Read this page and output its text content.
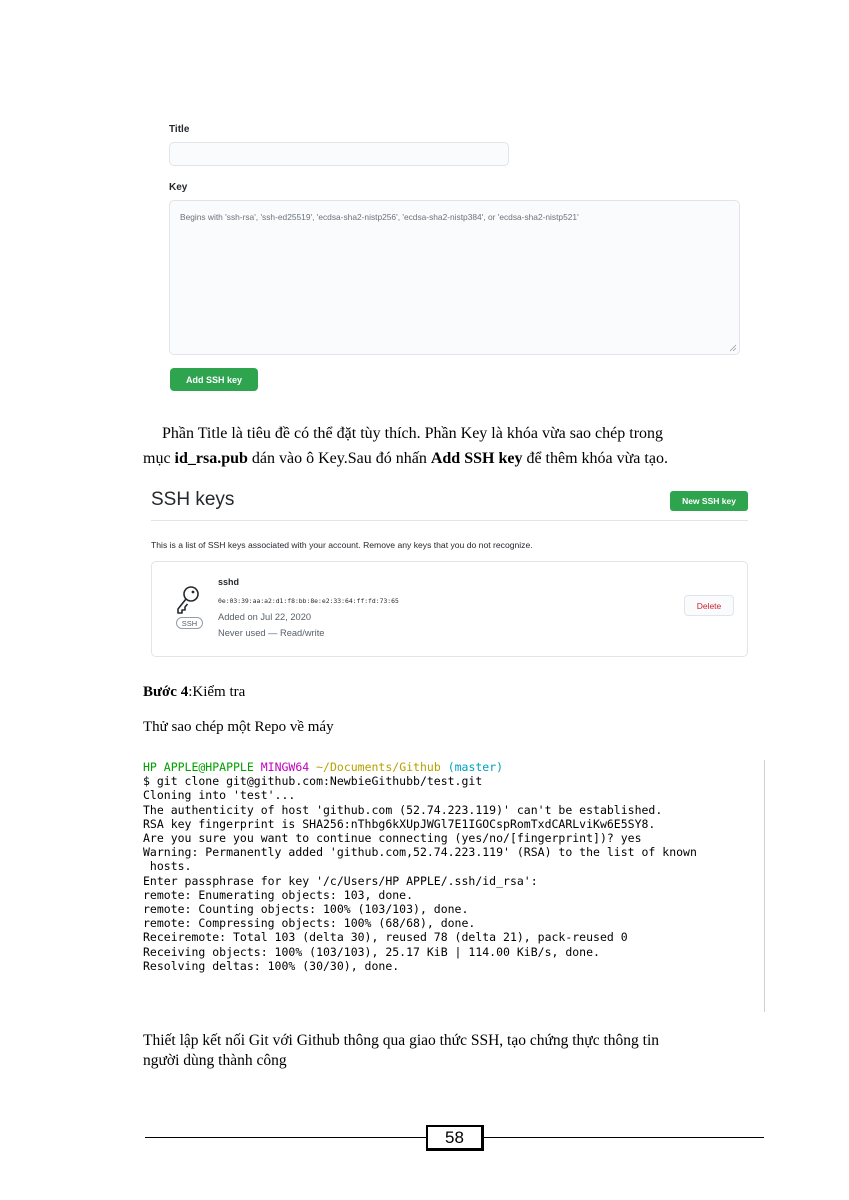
Title
Key
Begins with 'ssh-rsa', 'ssh-ed25519', 'ecdsa-sha2-nistp256', 'ecdsa-sha2-nistp384', or 'ecdsa-sha2-nistp521'
Add SSH key
Phần Title là tiêu đề có thể đặt tùy thích. Phần Key là khóa vừa sao chép trong
mục id_rsa.pub dán vào ô Key.Sau đó nhấn Add SSH key để thêm khóa vừa tạo.
SSH keys	New SSH key
This is a list of SSH keys associated with your account. Remove any keys that you do not recognize.
SSH
sshd
0e:03:39:aa:a2:d1:f8:bb:8e:e2:33:64:ff:fd:73:65
Added on Jul 22, 2020
Never used — Read/write
Delete
Bước 4:Kiểm tra
Thử sao chép một Repo về máy
HP APPLE@HPAPPLE MINGW64 ~/Documents/Github (master)
$ git clone git@github.com:NewbieGithubb/test.git
Cloning into 'test'...
The authenticity of host 'github.com (52.74.223.119)' can't be established.
RSA key fingerprint is SHA256:nThbg6kXUpJWGl7E1IGOCspRomTxdCARLviKw6E5SY8.
Are you sure you want to continue connecting (yes/no/[fingerprint])? yes
Warning: Permanently added 'github.com,52.74.223.119' (RSA) to the list of known
hosts.
Enter passphrase for key '/c/Users/HP APPLE/.ssh/id_rsa':
remote: Enumerating objects: 103, done.
remote: Counting objects: 100% (103/103), done.
remote: Compressing objects: 100% (68/68), done.
Receiremote: Total 103 (delta 30), reused 78 (delta 21), pack-reused 0
Receiving objects: 100% (103/103), 25.17 KiB | 114.00 KiB/s, done.
Resolving deltas: 100% (30/30), done.
Thiết lập kết nối Git với Github thông qua giao thức SSH, tạo chứng thực thông tin
người dùng thành công
58
